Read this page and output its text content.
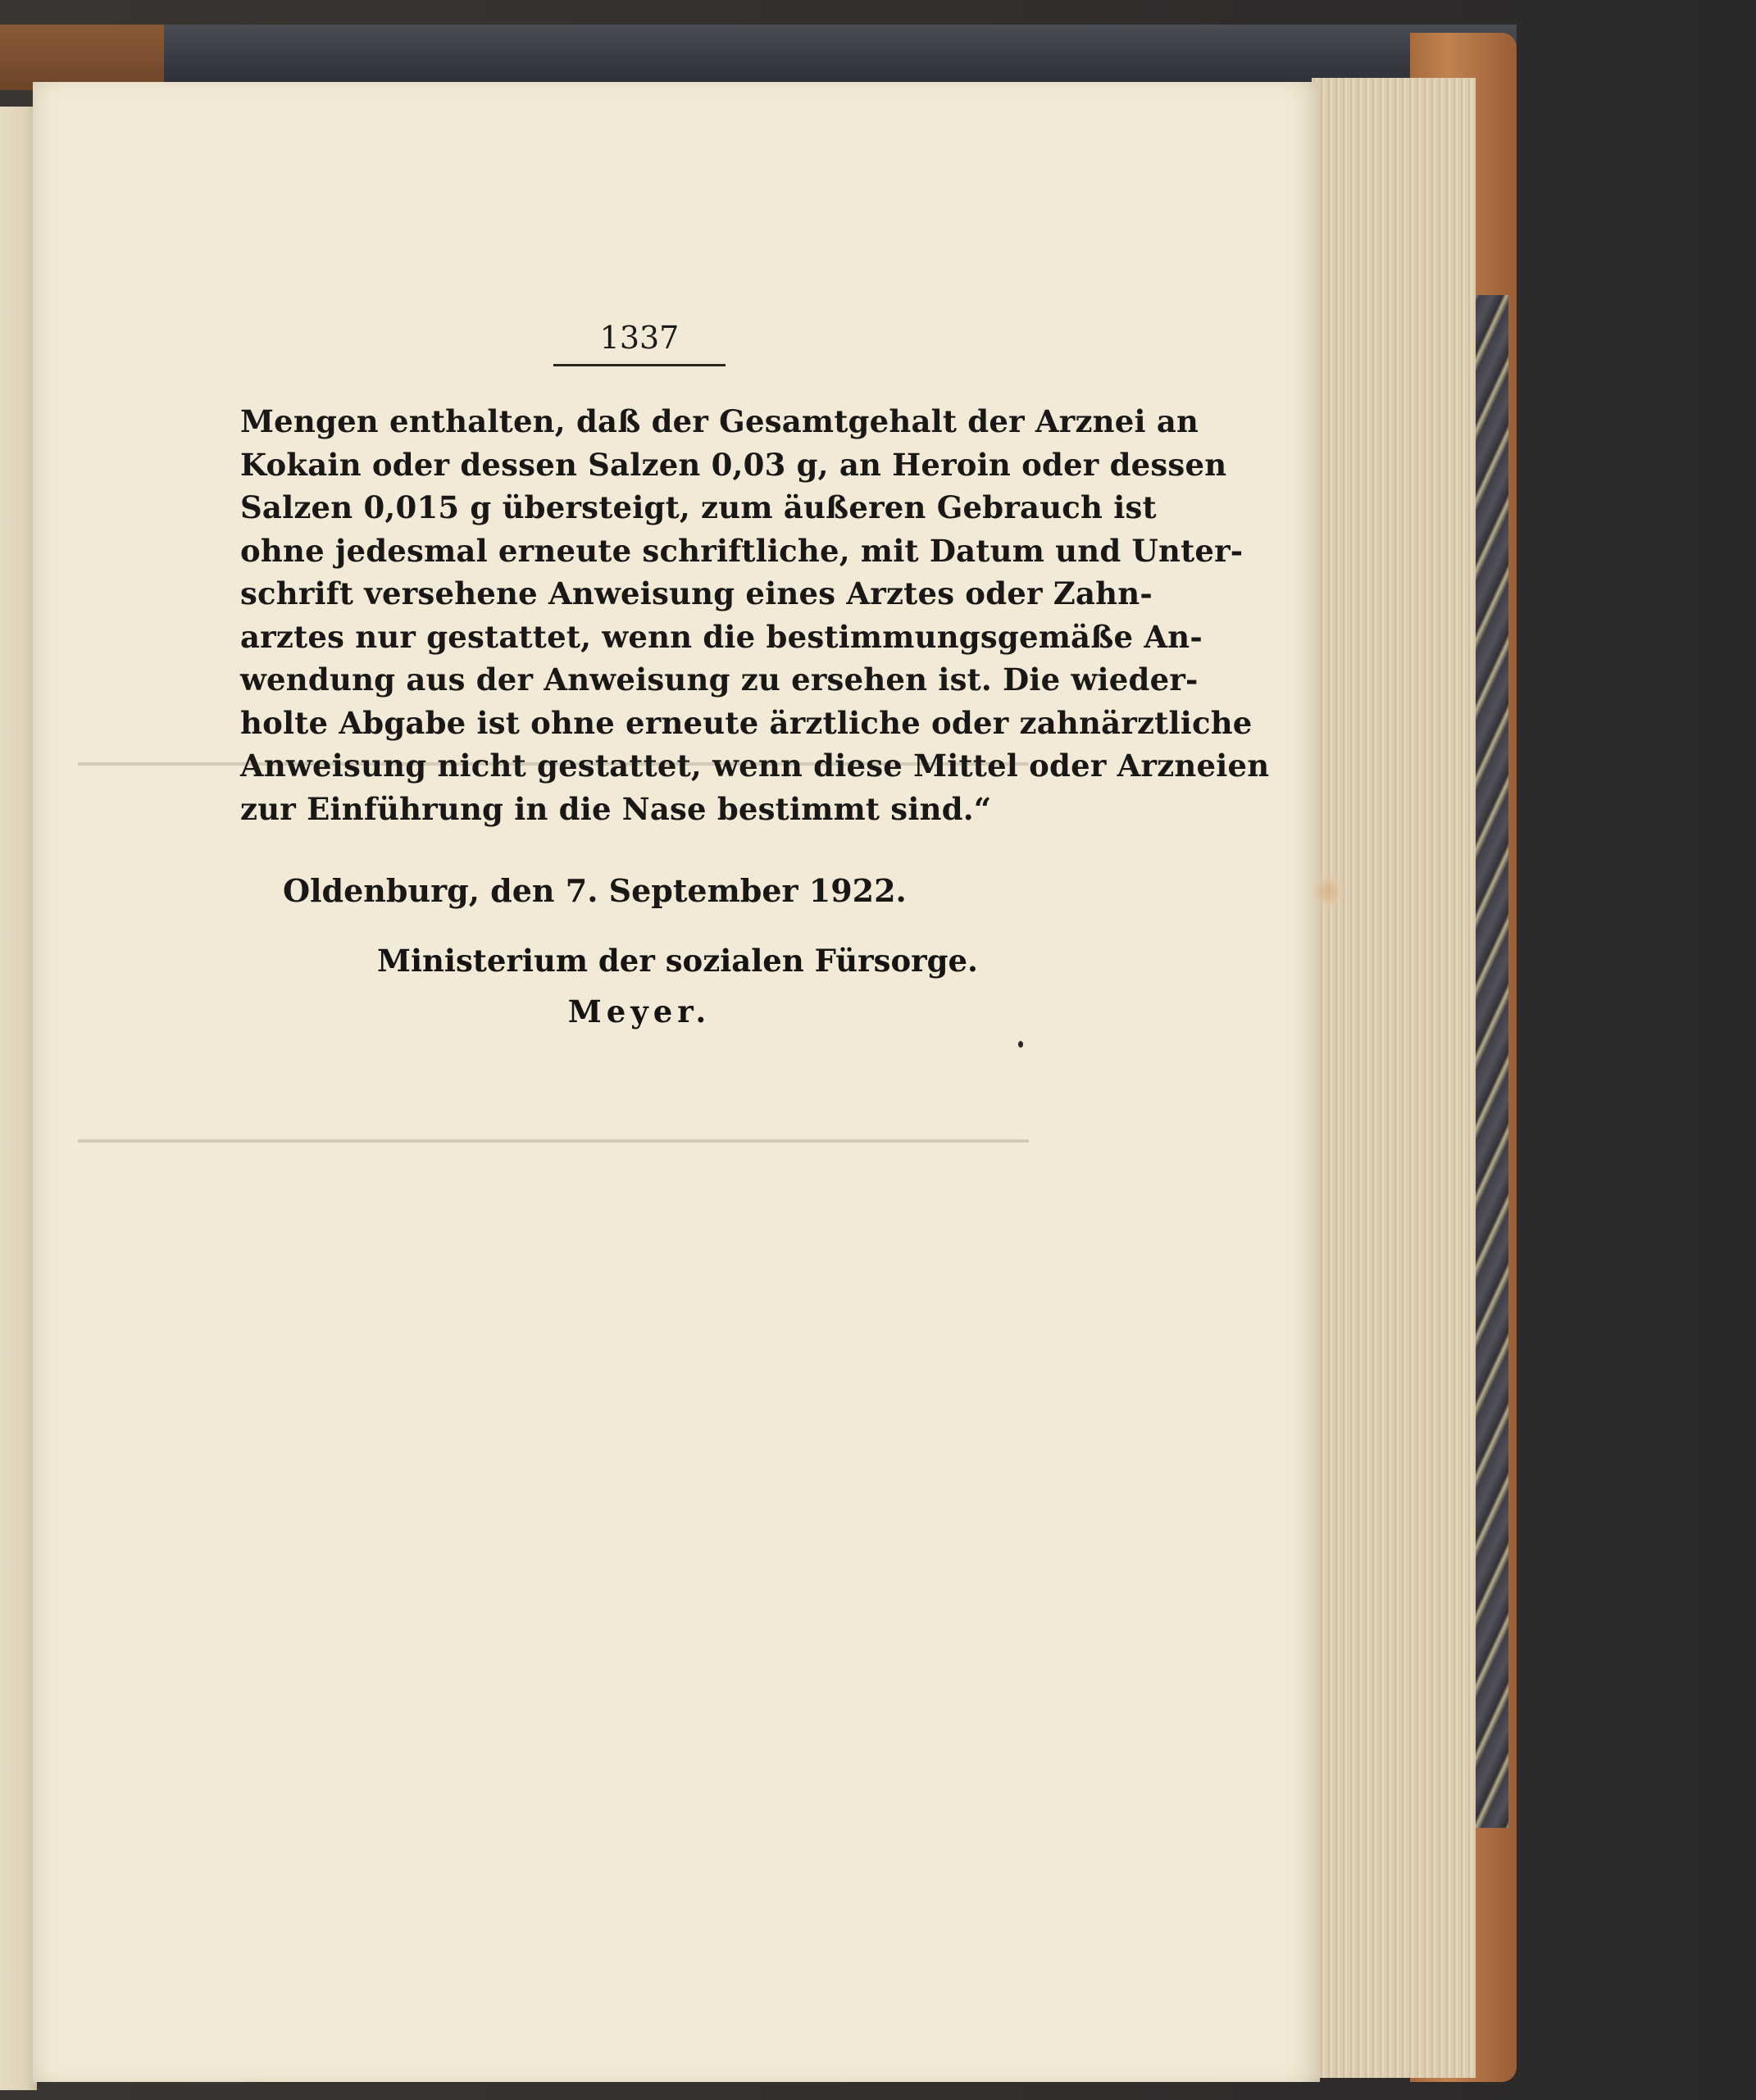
1337
Mengen enthalten, daß der Gesamtgehalt der Arznei an
Kokain oder dessen Salzen 0,03 g, an Heroin oder dessen
Salzen 0,015 g übersteigt, zum äußeren Gebrauch ist
ohne jedesmal erneute schriftliche, mit Datum und Unter-
schrift versehene Anweisung eines Arztes oder Zahn-
arztes nur gestattet, wenn die bestimmungsgemäße An-
wendung aus der Anweisung zu ersehen ist. Die wieder-
holte Abgabe ist ohne erneute ärztliche oder zahnärztliche
Anweisung nicht gestattet, wenn diese Mittel oder Arzneien
zur Einführung in die Nase bestimmt sind.“
Oldenburg, den 7. September 1922.
Ministerium der sozialen Fürsorge.
Meyer.
